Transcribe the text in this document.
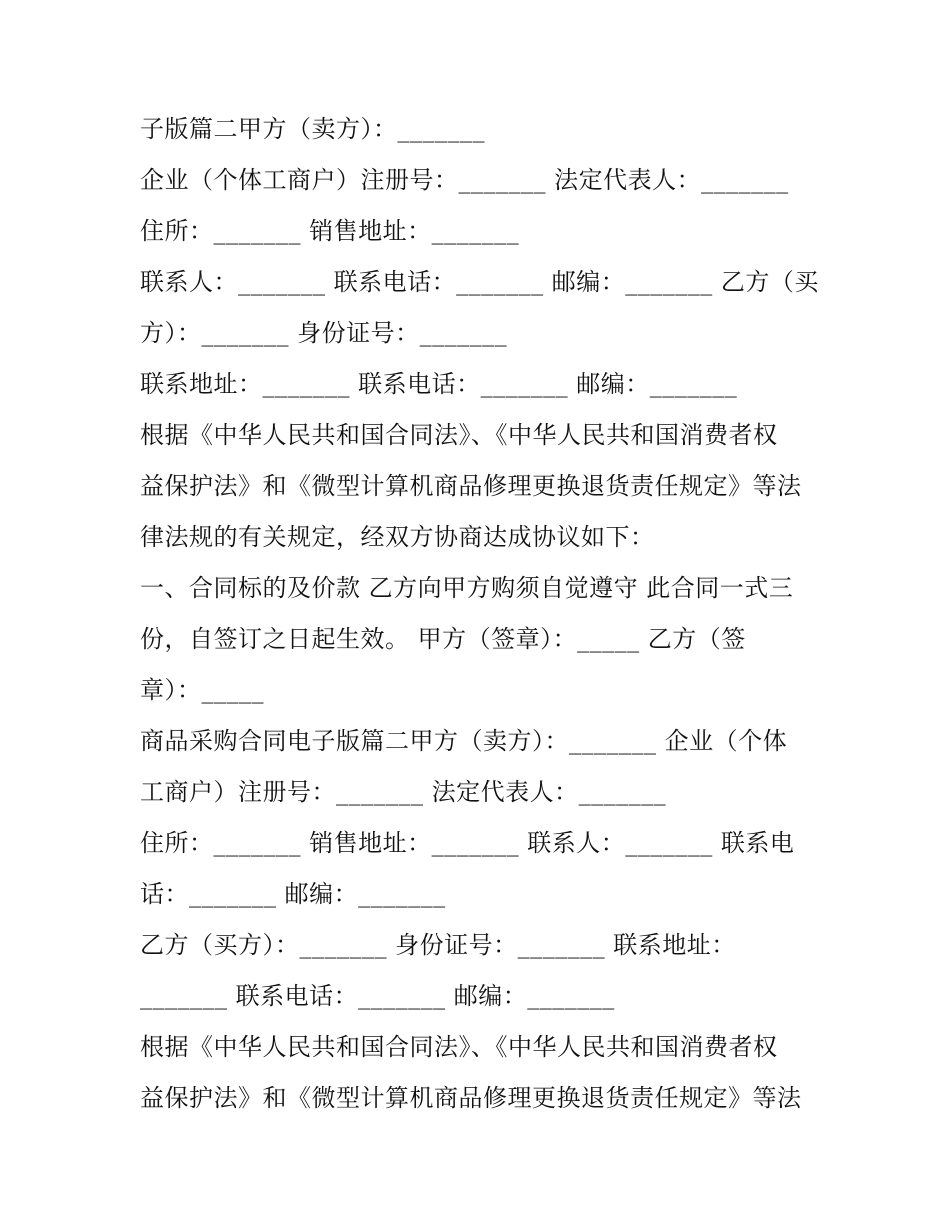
子版篇二甲方（卖方）：_______
企业（个体工商户）注册号：_______ 法定代表人：_______
住所：_______ 销售地址：_______
联系人：_______ 联系电话：_______ 邮编：_______ 乙方（买
方）：_______ 身份证号：_______
联系地址：_______ 联系电话：_______ 邮编：_______
根据《中华人民共和国合同法》、《中华人民共和国消费者权
益保护法》和《微型计算机商品修理更换退货责任规定》等法
律法规的有关规定，经双方协商达成协议如下：
一、合同标的及价款 乙方向甲方购须自觉遵守 此合同一式三
份，自签订之日起生效。 甲方（签章）：_____ 乙方（签
章）：_____
商品采购合同电子版篇二甲方（卖方）：_______ 企业（个体
工商户）注册号：_______ 法定代表人：_______
住所：_______ 销售地址：_______ 联系人：_______ 联系电
话：_______ 邮编：_______
乙方（买方）：_______ 身份证号：_______ 联系地址：
_______ 联系电话：_______ 邮编：_______
根据《中华人民共和国合同法》、《中华人民共和国消费者权
益保护法》和《微型计算机商品修理更换退货责任规定》等法
